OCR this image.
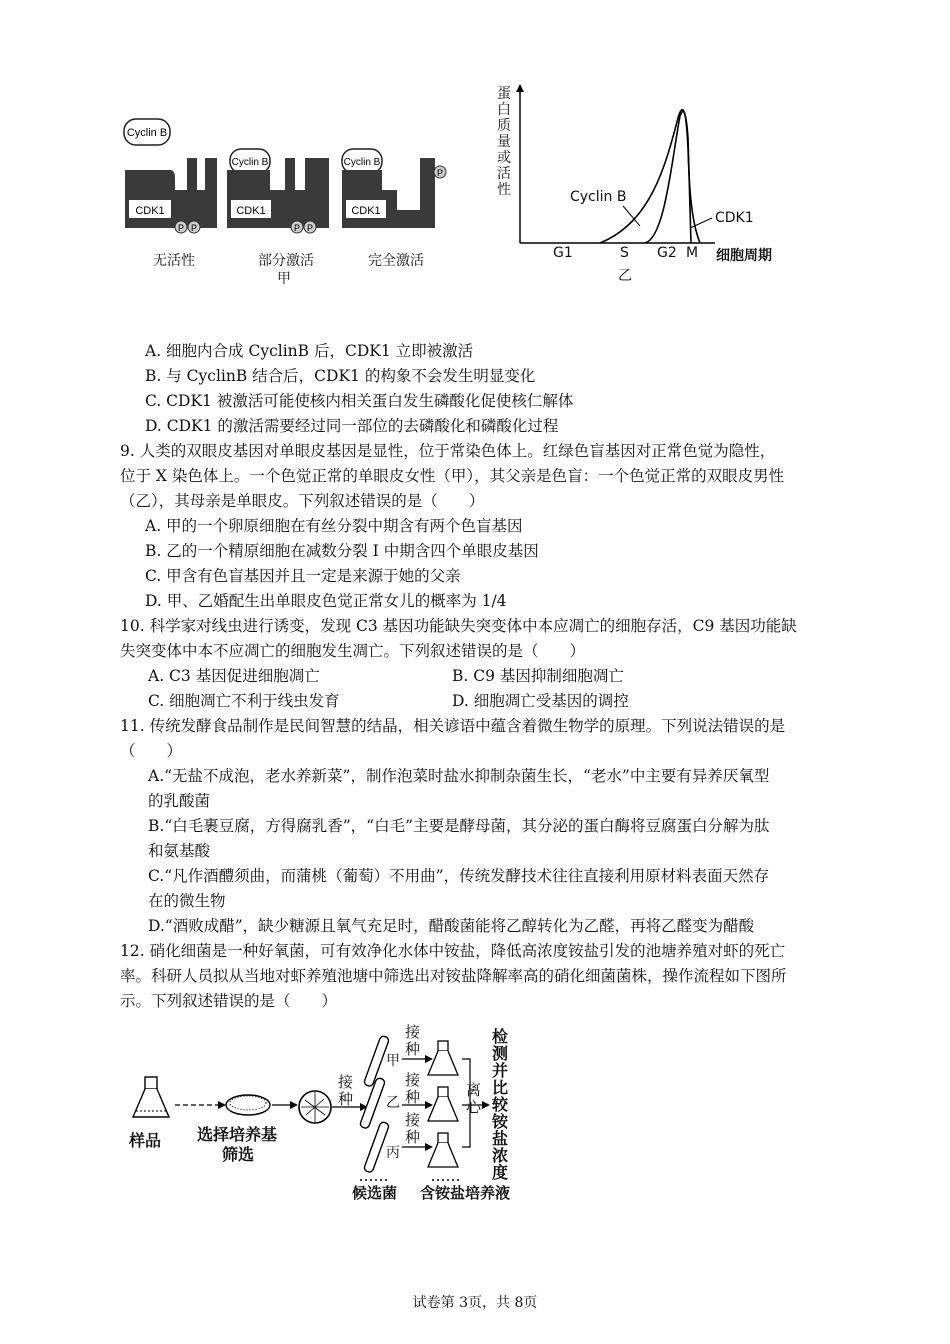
Cyclin B
CDK1
P P
Cyclin B
CDK1
P P
Cyclin B
CDK1
P
无活性	部分激活
甲
完全激活
蛋白质量或活性	Cyclin B
CDK1
G1	S G2 M 细胞周期
乙
A. 细胞内合成 CyclinB 后，CDK1 立即被激活
B. 与 CyclinB 结合后，CDK1 的构象不会发生明显变化
C. CDK1 被激活可能使核内相关蛋白发生磷酸化促使核仁解体
D. CDK1 的激活需要经过同一部位的去磷酸化和磷酸化过程
9. 人类的双眼皮基因对单眼皮基因是显性，位于常染色体上。红绿色盲基因对正常色觉为隐性，
位于 X 染色体上。一个色觉正常的单眼皮女性（甲），其父亲是色盲：一个色觉正常的双眼皮男性
（乙），其母亲是单眼皮。下列叙述错误的是（　　）
A. 甲的一个卵原细胞在有丝分裂中期含有两个色盲基因
B. 乙的一个精原细胞在减数分裂 I 中期含四个单眼皮基因
C. 甲含有色盲基因并且一定是来源于她的父亲
D. 甲、乙婚配生出单眼皮色觉正常女儿的概率为 1/4
10. 科学家对线虫进行诱变，发现 C3 基因功能缺失突变体中本应凋亡的细胞存活，C9 基因功能缺
失突变体中本不应凋亡的细胞发生凋亡。下列叙述错误的是（　　）
A. C3 基因促进细胞凋亡	B. C9 基因抑制细胞凋亡
C. 细胞凋亡不利于线虫发育	D. 细胞凋亡受基因的调控
11. 传统发酵食品制作是民间智慧的结晶，相关谚语中蕴含着微生物学的原理。下列说法错误的是
（　　）
A.“无盐不成泡，老水养新菜”，制作泡菜时盐水抑制杂菌生长，“老水”中主要有异养厌氧型
的乳酸菌
B.“白毛裹豆腐，方得腐乳香”，“白毛”主要是酵母菌，其分泌的蛋白酶将豆腐蛋白分解为肽
和氨基酸
C.“凡作酒醴须曲，而蒲桃（葡萄）不用曲”，传统发酵技术往往直接利用原材料表面天然存
在的微生物
D.“酒败成醋”，缺少糖源且氧气充足时，醋酸菌能将乙醇转化为乙醛，再将乙醛变为醋酸
12. 硝化细菌是一种好氧菌，可有效净化水体中铵盐，降低高浓度铵盐引发的池塘养殖对虾的死亡
率。科研人员拟从当地对虾养殖池塘中筛选出对铵盐降解率高的硝化细菌菌株，操作流程如下图所
示。下列叙述错误的是（　　）
样品 选择培养基
筛选
接种
接种
接种
接种
甲
乙
丙
离心
候选菌 含铵盐培养液
检测并比较铵盐浓度
试卷第 3页，共 8页
